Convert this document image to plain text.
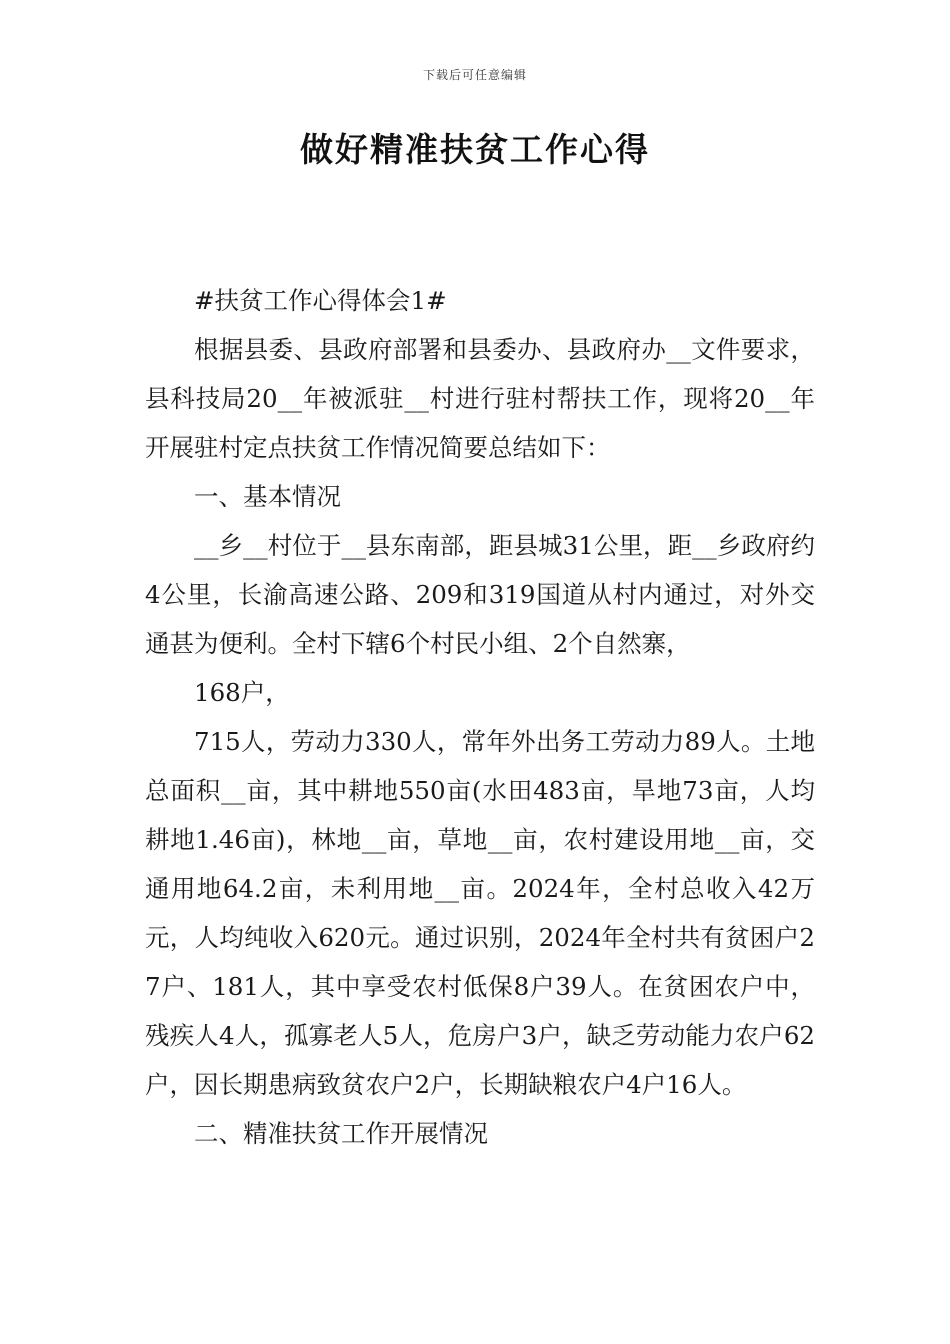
下载后可任意编辑
做好精准扶贫工作心得

#扶贫工作心得体会1#

根据县委、县政府部署和县委办、县政府办__文件要求，县科技局20__年被派驻__村进行驻村帮扶工作，现将20__年开展驻村定点扶贫工作情况简要总结如下：

一、基本情况

__乡__村位于__县东南部，距县城31公里，距__乡政府约4公里，长渝高速公路、209和319国道从村内通过，对外交通甚为便利。全村下辖6个村民小组、2个自然寨，

168户，

715人，劳动力330人，常年外出务工劳动力89人。土地总面积__亩，其中耕地550亩(水田483亩，旱地73亩，人均耕地1.46亩)，林地__亩，草地__亩，农村建设用地__亩，交通用地64.2亩，未利用地__亩。2024年，全村总收入42万元，人均纯收入620元。通过识别，2024年全村共有贫困户27户、181人，其中享受农村低保8户39人。在贫困农户中，残疾人4人，孤寡老人5人，危房户3户，缺乏劳动能力农户62户，因长期患病致贫农户2户，长期缺粮农户4户16人。

二、精准扶贫工作开展情况
